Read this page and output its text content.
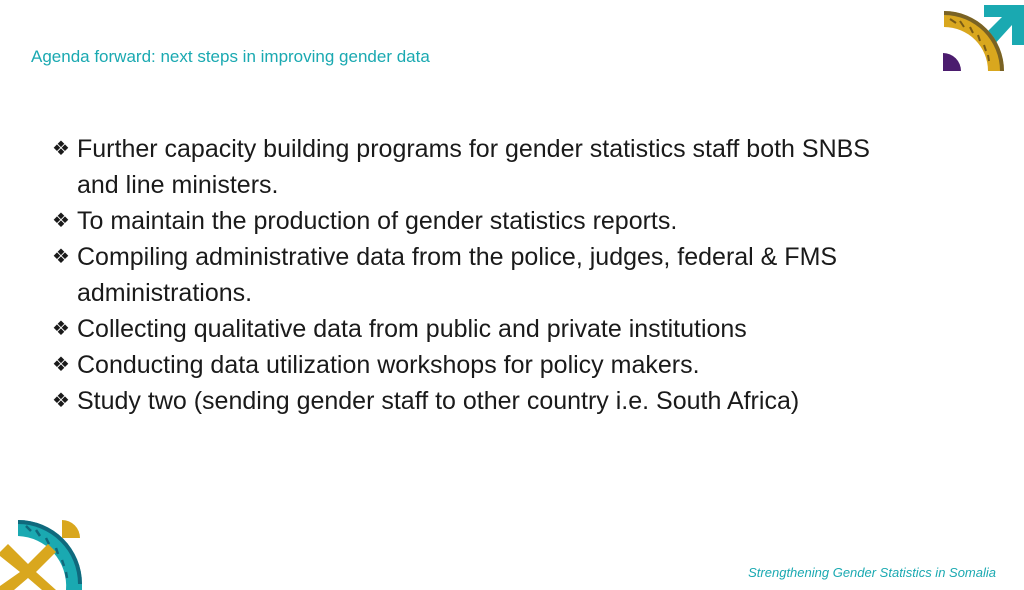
Agenda forward: next steps in improving gender data
❖ Further capacity building programs for gender statistics staff both SNBS and line ministers.
❖ To maintain the production of gender statistics reports.
❖ Compiling administrative data from the police, judges, federal & FMS administrations.
❖ Collecting qualitative data from public and private institutions
❖ Conducting data utilization workshops for policy makers.
❖ Study two (sending gender staff to other country i.e. South Africa)
Strengthening Gender Statistics in Somalia
